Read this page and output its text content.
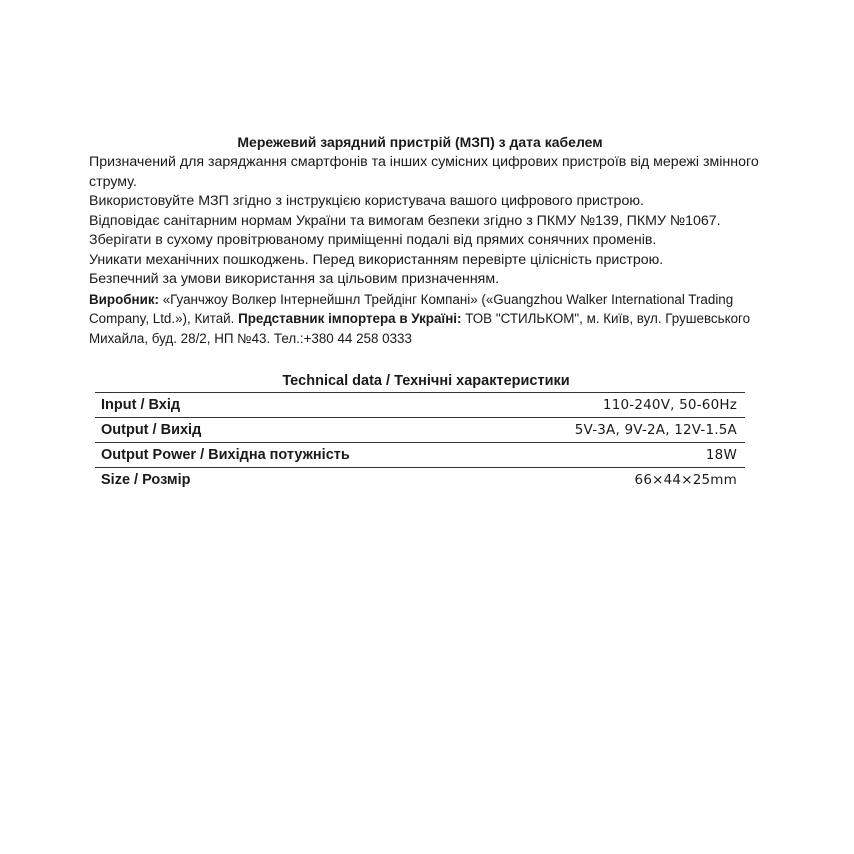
Мережевий зарядний пристрій (МЗП) з дата кабелем

Призначений для заряджання смартфонів та інших сумісних цифрових пристроїв від мережі змінного струму.

Використовуйте МЗП згідно з інструкцією користувача вашого цифрового пристрою.

Відповідає санітарним нормам України та вимогам безпеки згідно з ПКМУ №139, ПКМУ №1067.

Зберігати в сухому провітрюваному приміщенні подалі від прямих сонячних променів.

Уникати механічних пошкоджень. Перед використанням перевірте цілісність пристрою.

Безпечний за умови використання за цільовим призначенням.

Виробник: «Гуанчжоу Волкер Інтернейшнл Трейдінг Компані» («Guangzhou Walker International Trading Company, Ltd.»), Китай. Представник імпортера в Україні: ТОВ "СТИЛЬКОМ", м. Київ, вул. Грушевського Михайла, буд. 28/2, НП №43. Тел.:+380 44 258 0333

Technical data / Технічні характеристики

Input / Вхід	110-240V, 50-60Hz
Output / Вихід	5V-3A, 9V-2A, 12V-1.5A
Output Power / Вихідна потужність	18W
Size / Розмір	66×44×25mm
